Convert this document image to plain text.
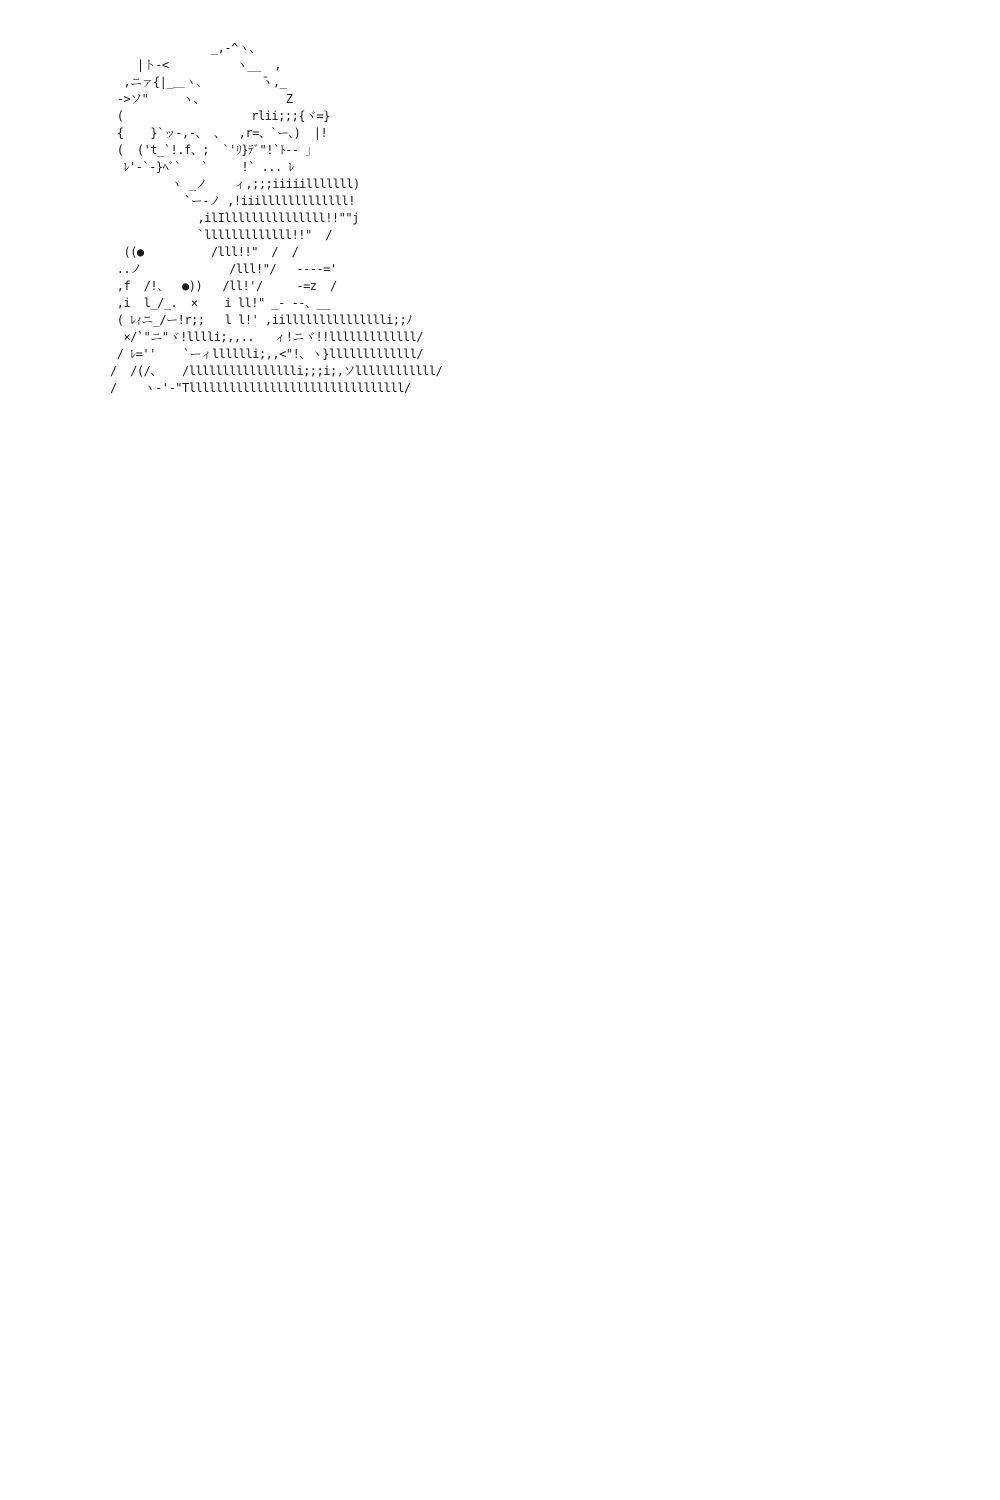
_,-^ヽ、
|ト-<          ヽ__  ,
,ニァ{|_＿ヽ、        ̄ヽ,_
->ソ"     ヽ、            Z
(                   rlii;;;{ヾ=}
{    }`ッ-,-、 、  ,r=、`ー、)  |!
(  ('t_`!.f、;  `'ﾘ}ﾃﾞ"!`ﾄ-- 」
ﾚ'-`-}ﾍﾞ`   `     !` ... ﾚ
ヽ _ノ    ィ,;;;iiiiilllllll)
`ー-ノ ,!iiilllllllllllll!
,ilIlllllllllllllll!!""j
`lllllllllllll!!"  /
((●          /lll!!"  /  /
..ノ             /lll!"/   ----='
,f  /!、  ●))   /ll!'/     -=z  /
,i  l_/_.  ×    i ll!" _- --、__
( ﾚｨニ_/ー!r;;   l l!' ,iillllllllllllllli;;ﾉ
×/`"ニ"ヾ!lllli;,,..   ィ!ニヾ!!lllllllllllll/
/ ﾚ=''    `ーィlllllli;,,<"!、ヽ}lllllllllllll/
/  /(/、   /lllllllllllllllli;;;i;,ソllllllllllll/
/    ヽ-'-"Tllllllllllllllllllllllllllllllll/
